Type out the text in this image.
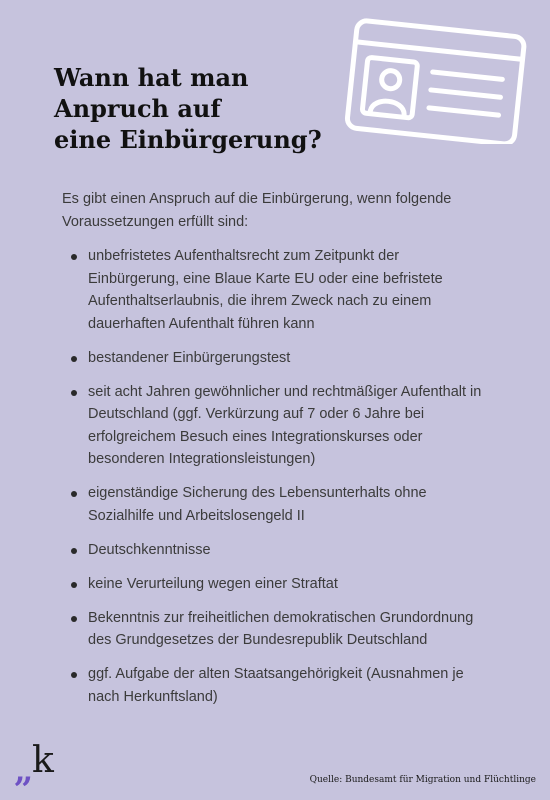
Wann hat man
Anpruch auf
eine Einbürgerung?

Es gibt einen Anspruch auf die Einbürgerung, wenn folgende Voraussetzungen erfüllt sind:

unbefristetes Aufenthaltsrecht zum Zeitpunkt der Einbürgerung, eine Blaue Karte EU oder eine befristete Aufenthaltserlaubnis, die ihrem Zweck nach zu einem dauerhaften Aufenthalt führen kann
bestandener Einbürgerungstest
seit acht Jahren gewöhnlicher und rechtmäßiger Aufenthalt in Deutschland (ggf. Verkürzung auf 7 oder 6 Jahre bei erfolgreichem Besuch eines Integrationskurses oder besonderen Integrationsleistungen)
eigenständige Sicherung des Lebensunterhalts ohne Sozialhilfe und Arbeitslosengeld II
Deutschkenntnisse
keine Verurteilung wegen einer Straftat
Bekenntnis zur freiheitlichen demokratischen Grundordnung des Grundgesetzes der Bundesrepublik Deutschland
ggf. Aufgabe der alten Staatsangehörigkeit (Ausnahmen je nach Herkunftsland)
„
k	Quelle: Bundesamt für Migration und Flüchtlinge
